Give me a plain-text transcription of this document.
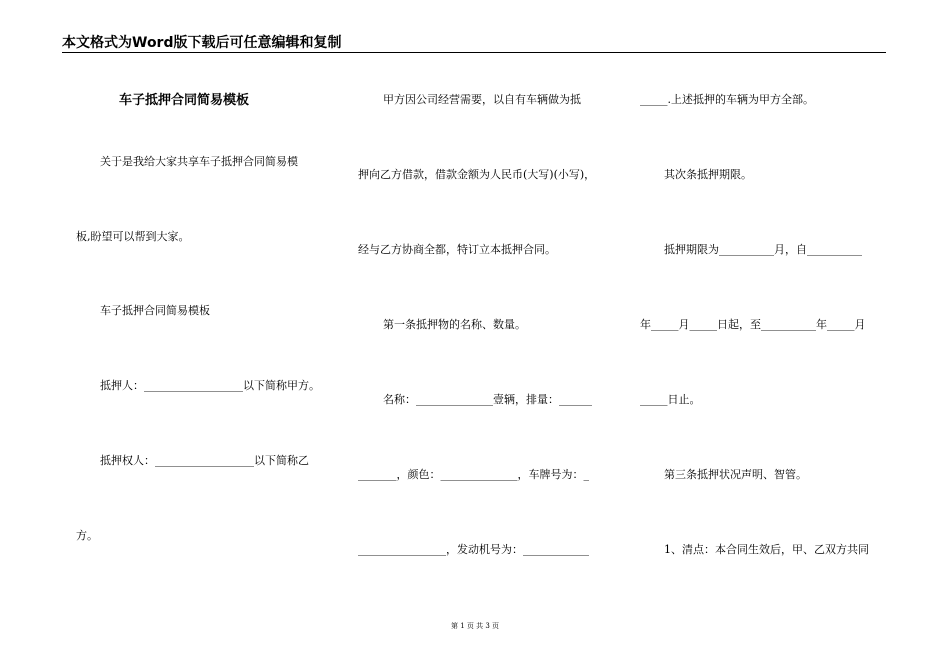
本文格式为Word版下载后可任意编辑和复制
车子抵押合同简易模板
关于是我给大家共享车子抵押合同简易模
板,盼望可以帮到大家。
车子抵押合同简易模板
抵押人：__________________以下简称甲方。
抵押权人：__________________以下简称乙
方。
甲方因公司经营需要，以自有车辆做为抵
押向乙方借款，借款金额为人民币(大写)(小写)，
经与乙方协商全都，特订立本抵押合同。
第一条抵押物的名称、数量。
名称：______________壹辆，排量：______
_______，颜色：______________，车牌号为：_
________________，发动机号为：____________
_____.上述抵押的车辆为甲方全部。
其次条抵押期限。
抵押期限为__________月，自__________
年_____月_____日起，至__________年_____月
_____日止。
第三条抵押状况声明、智管。
1、清点：本合同生效后，甲、乙双方共同
第 1 页 共 3 页
